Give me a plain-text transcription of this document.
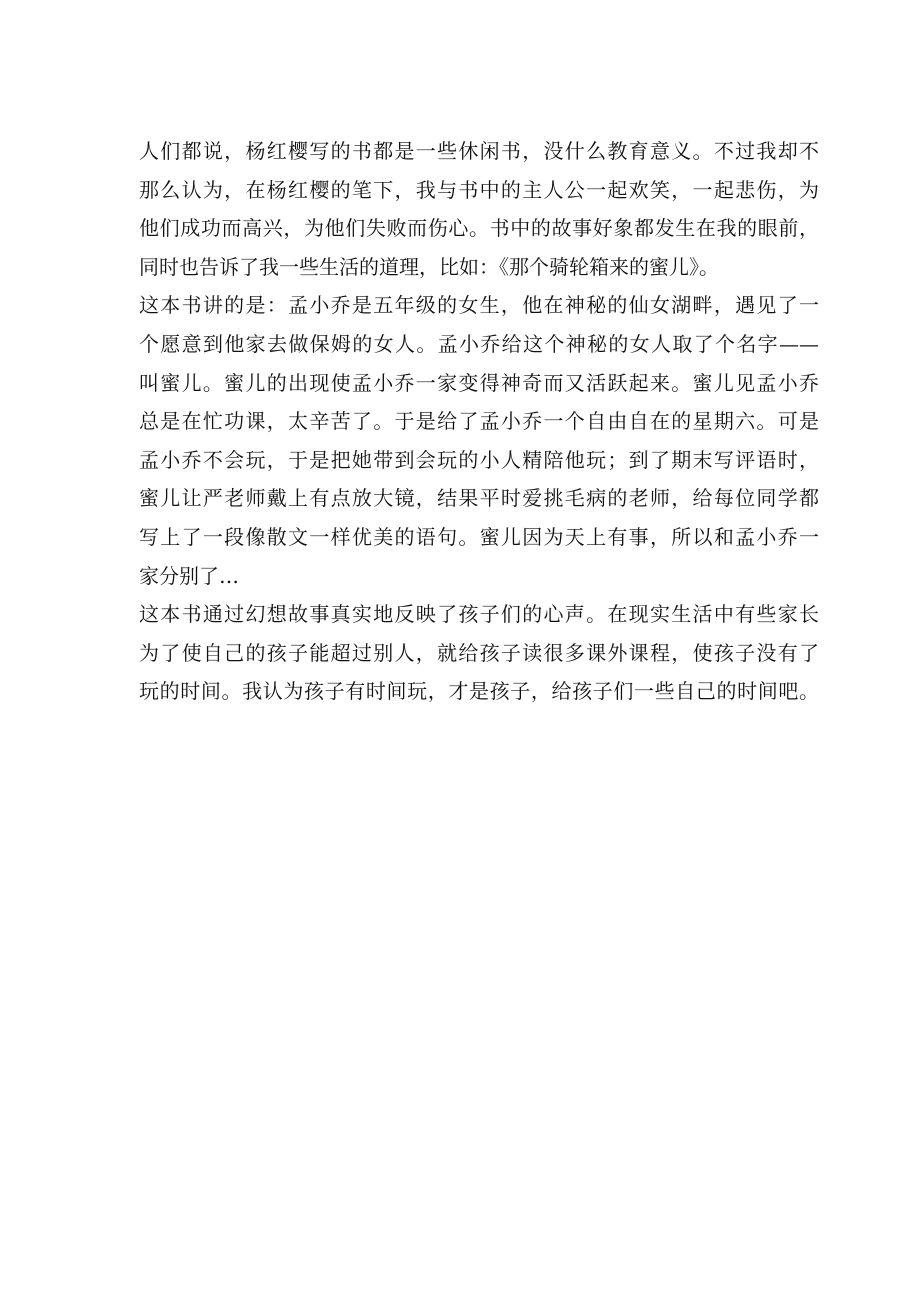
人们都说，杨红樱写的书都是一些休闲书，没什么教育意义。不过我却不
那么认为，在杨红樱的笔下，我与书中的主人公一起欢笑，一起悲伤，为
他们成功而高兴，为他们失败而伤心。书中的故事好象都发生在我的眼前，
同时也告诉了我一些生活的道理，比如：《那个骑轮箱来的蜜儿》。
这本书讲的是：孟小乔是五年级的女生，他在神秘的仙女湖畔，遇见了一
个愿意到他家去做保姆的女人。孟小乔给这个神秘的女人取了个名字——
叫蜜儿。蜜儿的出现使孟小乔一家变得神奇而又活跃起来。蜜儿见孟小乔
总是在忙功课，太辛苦了。于是给了孟小乔一个自由自在的星期六。可是
孟小乔不会玩，于是把她带到会玩的小人精陪他玩；到了期末写评语时，
蜜儿让严老师戴上有点放大镜，结果平时爱挑毛病的老师，给每位同学都
写上了一段像散文一样优美的语句。蜜儿因为天上有事，所以和孟小乔一
家分别了…
这本书通过幻想故事真实地反映了孩子们的心声。在现实生活中有些家长
为了使自己的孩子能超过别人，就给孩子读很多课外课程，使孩子没有了
玩的时间。我认为孩子有时间玩，才是孩子，给孩子们一些自己的时间吧。
